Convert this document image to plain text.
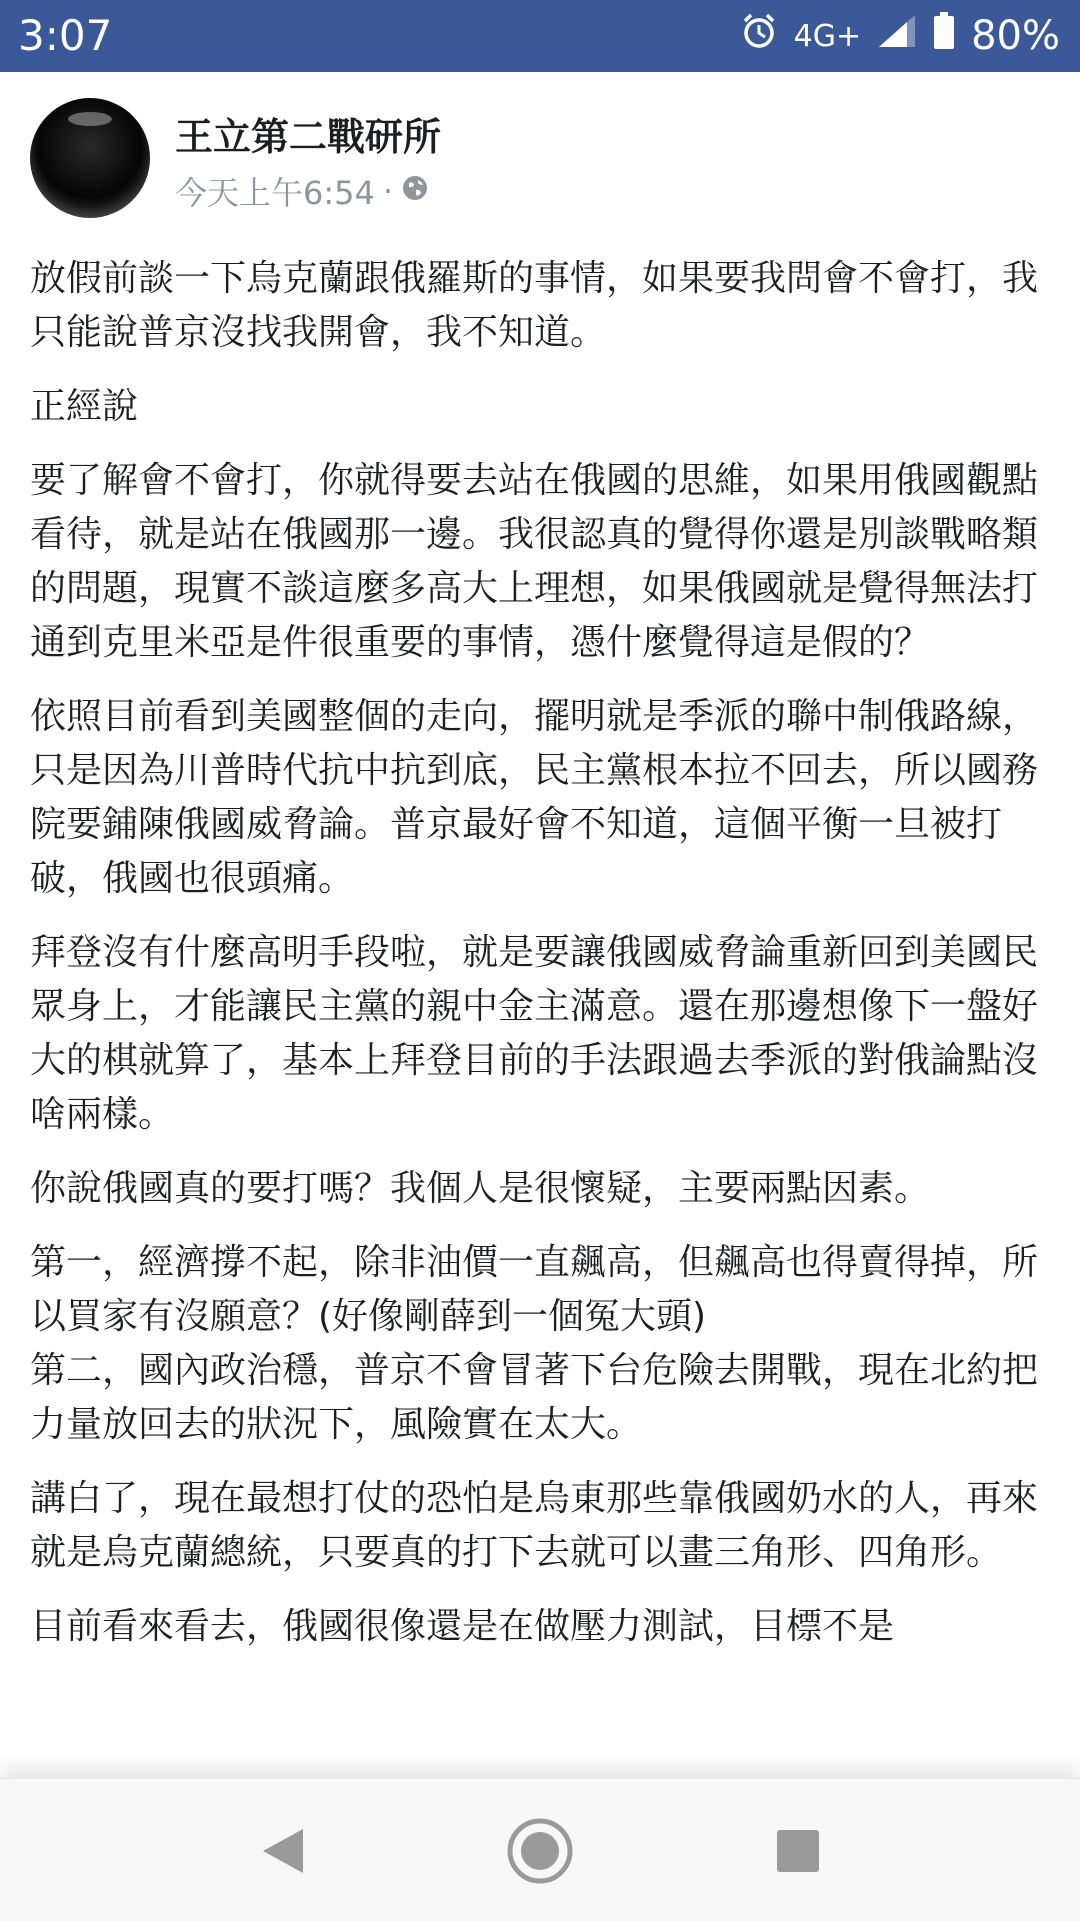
3:07	4G+	80%
王立第二戰研所
今天上午6:54 ·

放假前談一下烏克蘭跟俄羅斯的事情，如果要我問會不會打，我只能說普京沒找我開會，我不知道。

正經說

要了解會不會打，你就得要去站在俄國的思維，如果用俄國觀點看待，就是站在俄國那一邊。我很認真的覺得你還是別談戰略類的問題，現實不談這麼多高大上理想，如果俄國就是覺得無法打通到克里米亞是件很重要的事情，憑什麼覺得這是假的？

依照目前看到美國整個的走向，擺明就是季派的聯中制俄路線，只是因為川普時代抗中抗到底，民主黨根本拉不回去，所以國務院要鋪陳俄國威脅論。普京最好會不知道，這個平衡一旦被打破，俄國也很頭痛。

拜登沒有什麼高明手段啦，就是要讓俄國威脅論重新回到美國民眾身上，才能讓民主黨的親中金主滿意。還在那邊想像下一盤好大的棋就算了，基本上拜登目前的手法跟過去季派的對俄論點沒啥兩樣。

你說俄國真的要打嗎？我個人是很懷疑，主要兩點因素。

第一，經濟撐不起，除非油價一直飆高，但飆高也得賣得掉，所以買家有沒願意？(好像剛薛到一個冤大頭)

第二，國內政治穩，普京不會冒著下台危險去開戰，現在北約把力量放回去的狀況下，風險實在太大。

講白了，現在最想打仗的恐怕是烏東那些靠俄國奶水的人，再來就是烏克蘭總統，只要真的打下去就可以畫三角形、四角形。

目前看來看去，俄國很像還是在做壓力測試，目標不是
